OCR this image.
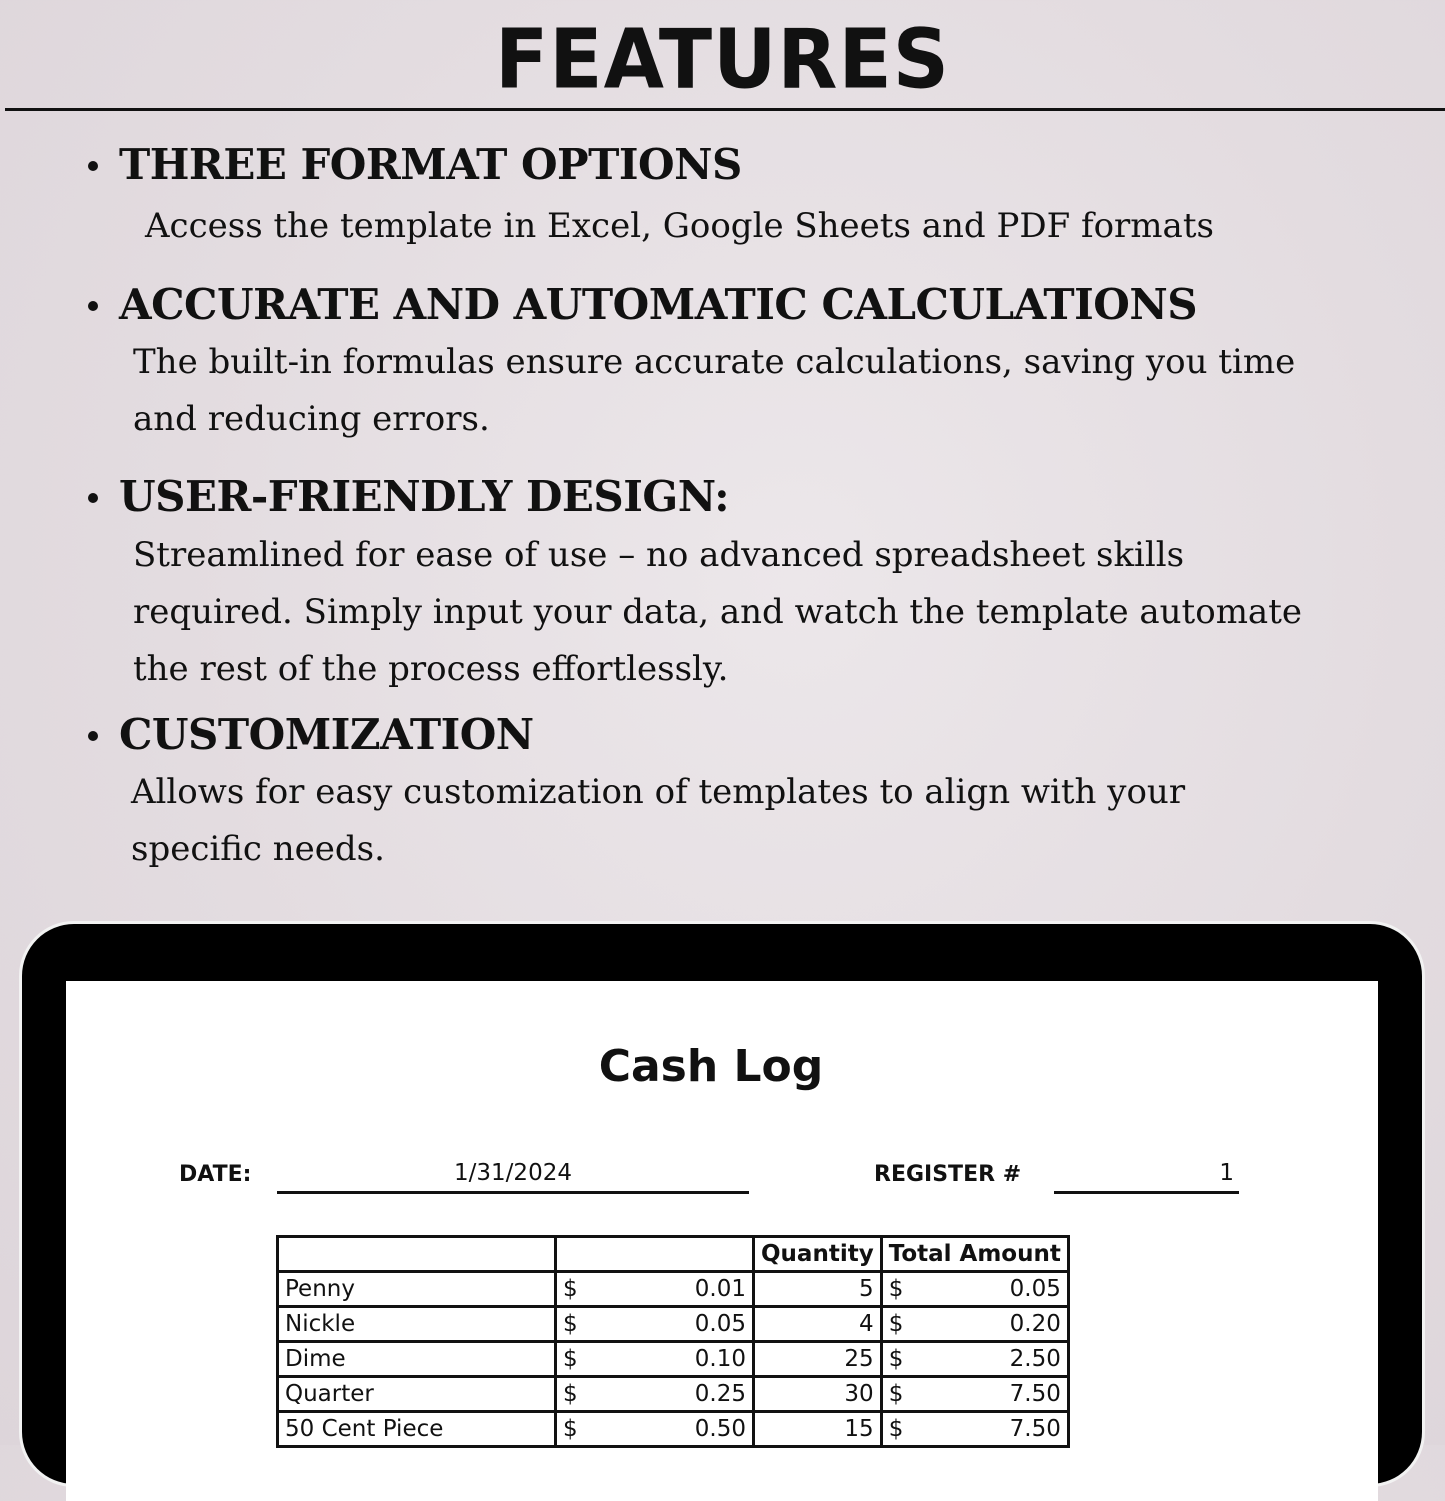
FEATURES
THREE FORMAT OPTIONS
Access the template in Excel, Google Sheets and PDF formats
ACCURATE AND AUTOMATIC CALCULATIONS
The built-in formulas ensure accurate calculations, saving you time
and reducing errors.
USER-FRIENDLY DESIGN:
Streamlined for ease of use – no advanced spreadsheet skills
required. Simply input your data, and watch the template automate
the rest of the process effortlessly.
CUSTOMIZATION
Allows for easy customization of templates to align with your
specific needs.
Cash Log
DATE:	1/31/2024	REGISTER #	1
		Quantity	Total Amount
Penny	$ 0.01	5	$ 0.05

Nickle	$ 0.05	4	$ 0.20

Dime	$ 0.10	25	$ 2.50

Quarter	$ 0.25	30	$ 7.50

50 Cent Piece	$ 0.50	15	$ 7.50
